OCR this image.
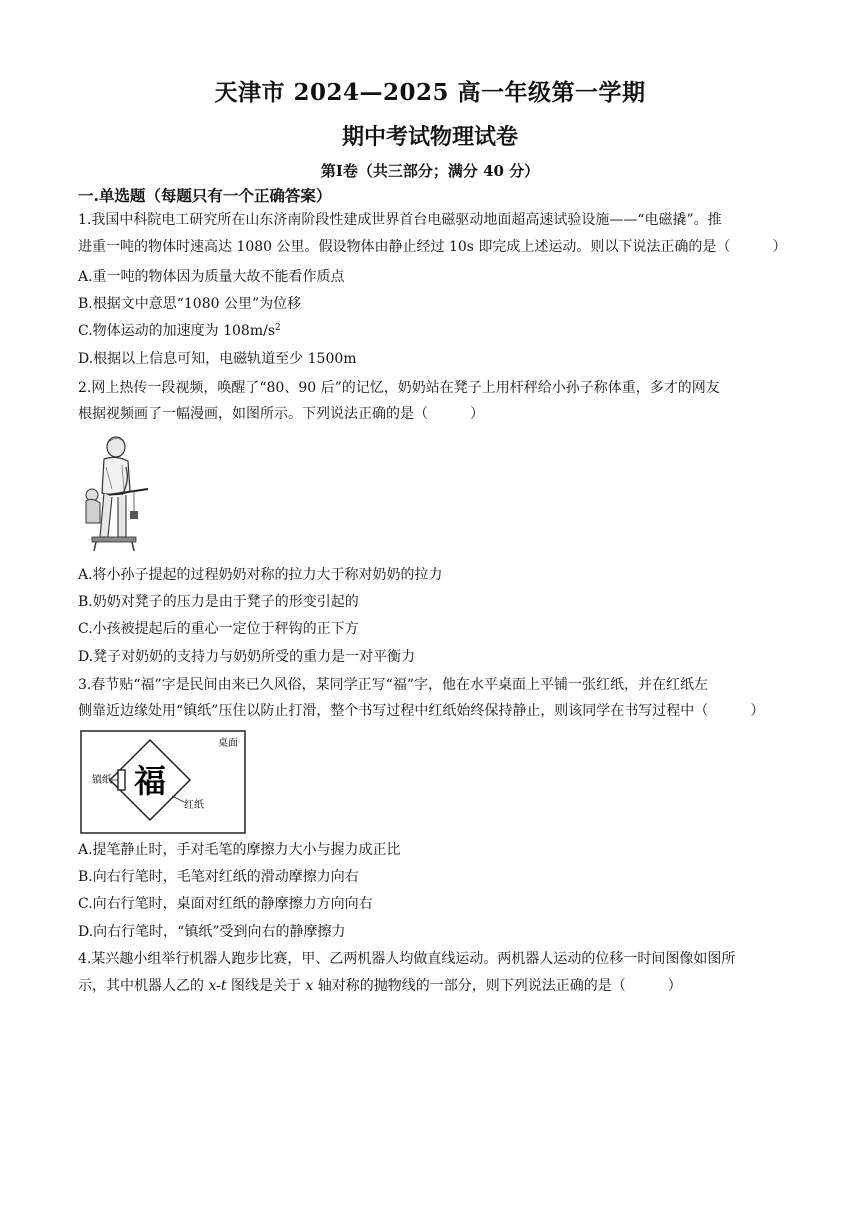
天津市 2024—2025 高一年级第一学期
期中考试物理试卷
第Ⅰ卷（共三部分；满分 40 分）
一.单选题（每题只有一个正确答案）
1.我国中科院电工研究所在山东济南阶段性建成世界首台电磁驱动地面超高速试验设施——“电磁撬”。推
进重一吨的物体时速高达 1080 公里。假设物体由静止经过 10s 即完成上述运动。则以下说法正确的是（	）
A.重一吨的物体因为质量大故不能看作质点
B.根据文中意思“1080 公里”为位移
C.物体运动的加速度为 $108m/s^2$
D.根据以上信息可知，电磁轨道至少 1500m
2.网上热传一段视频，唤醒了“80、90 后”的记忆，奶奶站在凳子上用杆秤给小孙子称体重，多才的网友
根据视频画了一幅漫画，如图所示。下列说法正确的是（	）
A.将小孙子提起的过程奶奶对称的拉力大于称对奶奶的拉力
B.奶奶对凳子的压力是由于凳子的形变引起的
C.小孩被提起后的重心一定位于秤钩的正下方
D.凳子对奶奶的支持力与奶奶所受的重力是一对平衡力
3.春节贴“福”字是民间由来已久风俗，某同学正写“福”字，他在水平桌面上平铺一张红纸，并在红纸左
侧靠近边缘处用“镇纸”压住以防止打滑，整个书写过程中红纸始终保持静止，则该同学在书写过程中（	）
桌面
福
镇纸
红纸
A.提笔静止时，手对毛笔的摩擦力大小与握力成正比
B.向右行笔时，毛笔对红纸的滑动摩擦力向右
C.向右行笔时，桌面对红纸的静摩擦力方向向右
D.向右行笔时，“镇纸”受到向右的静摩擦力
4.某兴趣小组举行机器人跑步比赛，甲、乙两机器人均做直线运动。两机器人运动的位移一时间图像如图所
示，其中机器人乙的 x-t 图线是关于 x 轴对称的抛物线的一部分，则下列说法正确的是（	）
